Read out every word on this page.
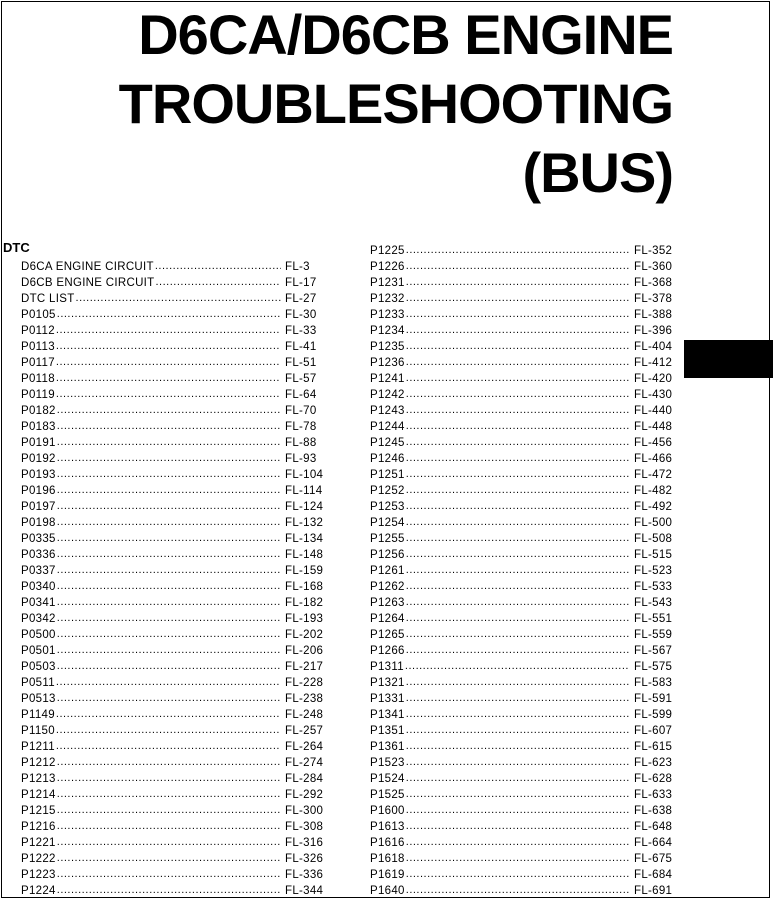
D6CA/D6CB ENGINE
TROUBLESHOOTING
(BUS)
DTC
D6CA ENGINE CIRCUIT .....	FL-3
D6CB ENGINE CIRCUIT .....	FL-17
DTC LIST .....	FL-27
P0105 .....	FL-30
P0112 .....	FL-33
P0113 .....	FL-41
P0117 .....	FL-51
P0118 .....	FL-57
P0119 .....	FL-64
P0182 .....	FL-70
P0183 .....	FL-78
P0191 .....	FL-88
P0192 .....	FL-93
P0193 .....	FL-104
P0196 .....	FL-114
P0197 .....	FL-124
P0198 .....	FL-132
P0335 .....	FL-134
P0336 .....	FL-148
P0337 .....	FL-159
P0340 .....	FL-168
P0341 .....	FL-182
P0342 .....	FL-193
P0500 .....	FL-202
P0501 .....	FL-206
P0503 .....	FL-217
P0511 .....	FL-228
P0513 .....	FL-238
P1149 .....	FL-248
P1150 .....	FL-257
P1211 .....	FL-264
P1212 .....	FL-274
P1213 .....	FL-284
P1214 .....	FL-292
P1215 .....	FL-300
P1216 .....	FL-308
P1221 .....	FL-316
P1222 .....	FL-326
P1223 .....	FL-336
P1224 .....	FL-344
P1225 .....	FL-352
P1226 .....	FL-360
P1231 .....	FL-368
P1232 .....	FL-378
P1233 .....	FL-388
P1234 .....	FL-396
P1235 .....	FL-404
P1236 .....	FL-412
P1241 .....	FL-420
P1242 .....	FL-430
P1243 .....	FL-440
P1244 .....	FL-448
P1245 .....	FL-456
P1246 .....	FL-466
P1251 .....	FL-472
P1252 .....	FL-482
P1253 .....	FL-492
P1254 .....	FL-500
P1255 .....	FL-508
P1256 .....	FL-515
P1261 .....	FL-523
P1262 .....	FL-533
P1263 .....	FL-543
P1264 .....	FL-551
P1265 .....	FL-559
P1266 .....	FL-567
P1311 .....	FL-575
P1321 .....	FL-583
P1331 .....	FL-591
P1341 .....	FL-599
P1351 .....	FL-607
P1361 .....	FL-615
P1523 .....	FL-623
P1524 .....	FL-628
P1525 .....	FL-633
P1600 .....	FL-638
P1613 .....	FL-648
P1616 .....	FL-664
P1618 .....	FL-675
P1619 .....	FL-684
P1640 .....	FL-691
